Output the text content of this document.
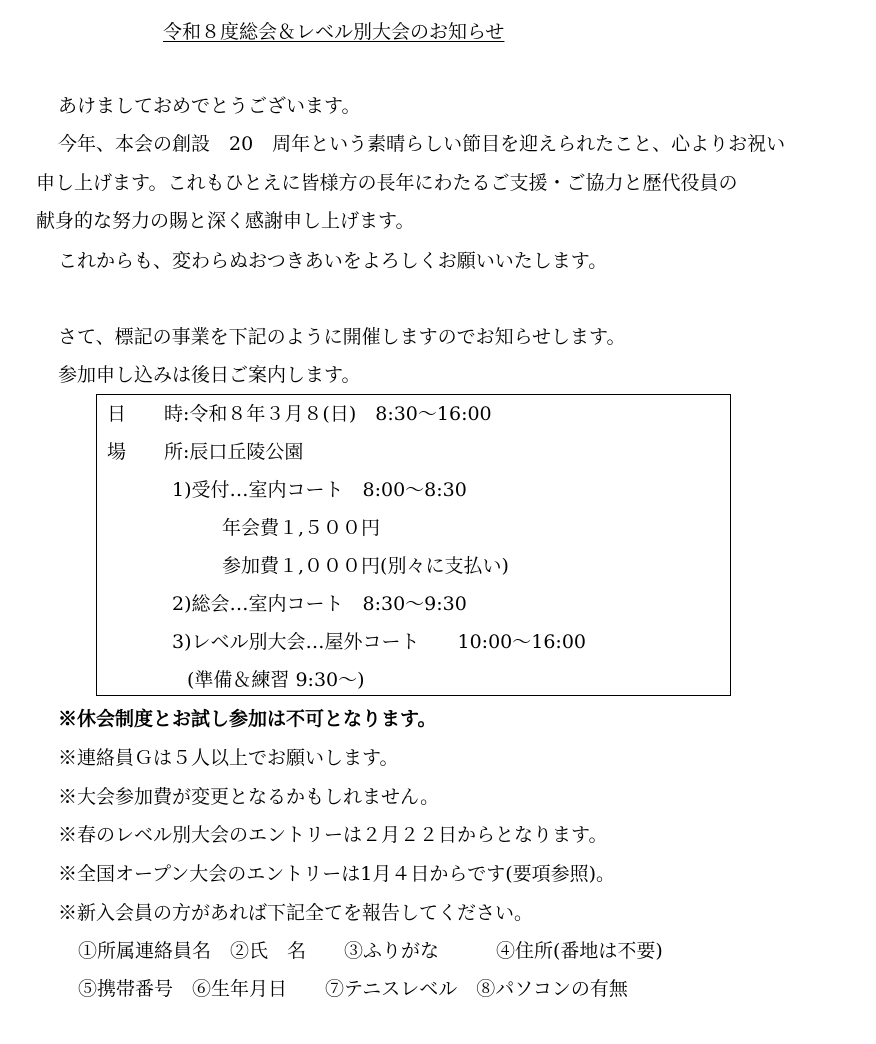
令和８度総会＆レベル別大会のお知らせ
あけましておめでとうございます。
今年、本会の創設　20　周年という素晴らしい節目を迎えられたこと、心よりお祝い
申し上げます。これもひとえに皆様方の長年にわたるご支援・ご協力と歴代役員の
献身的な努力の賜と深く感謝申し上げます。
これからも、変わらぬおつきあいをよろしくお願いいたします。
さて、標記の事業を下記のように開催しますのでお知らせします。
参加申し込みは後日ご案内します。
日　　時:令和８年３月８(日)　8:30～16:00
場　　所:辰口丘陵公園
1)受付…室内コート　8:00～8:30
年会費１,５００円
参加費１,０００円(別々に支払い)
2)総会…室内コート　8:30～9:30
3)レベル別大会…屋外コート　　10:00～16:00
(準備＆練習 9:30～)
※休会制度とお試し参加は不可となります。
※連絡員Ｇは５人以上でお願いします。
※大会参加費が変更となるかもしれません。
※春のレベル別大会のエントリーは２月２２日からとなります。
※全国オープン大会のエントリーは1月４日からです(要項参照)。
※新入会員の方があれば下記全てを報告してください。
①所属連絡員名　②氏　名　　③ふりがな　　　④住所(番地は不要)
⑤携帯番号　⑥生年月日　　⑦テニスレベル　⑧パソコンの有無
